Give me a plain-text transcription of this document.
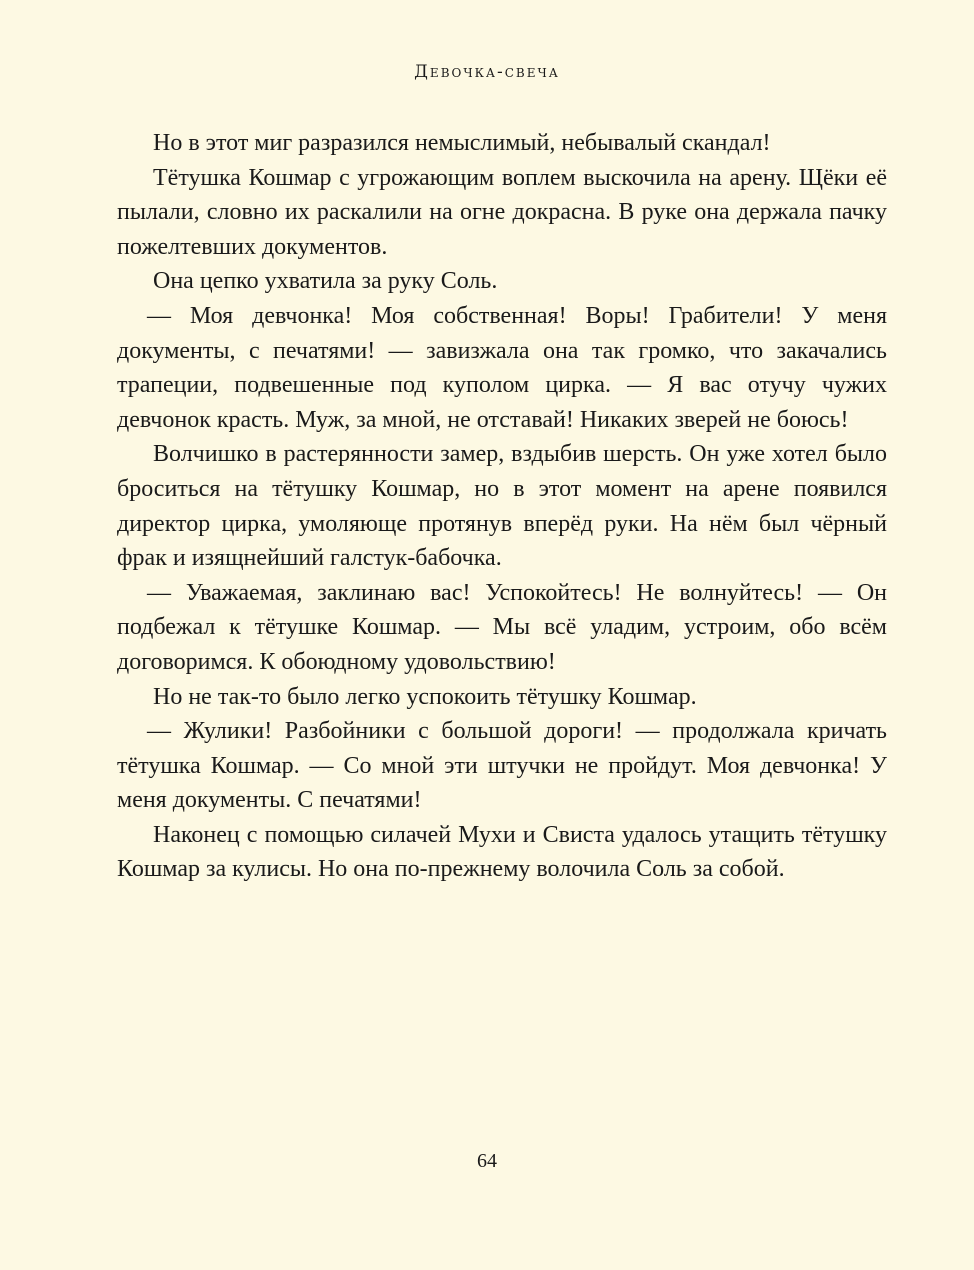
Девочка-свеча

Но в этот миг разразился немыслимый, небывалый скандал!

Тётушка Кошмар с угрожающим воплем выскочила на арену. Щёки её пылали, словно их раскалили на огне докрасна. В руке она держала пачку пожелтевших документов.

Она цепко ухватила за руку Соль.

— Моя девчонка! Моя собственная! Воры! Грабители! У меня документы, с печатями! — завизжала она так громко, что закачались трапеции, подвешенные под куполом цирка. — Я вас отучу чужих девчонок красть. Муж, за мной, не отставай! Никаких зверей не боюсь!

Волчишко в растерянности замер, вздыбив шерсть. Он уже хотел было броситься на тётушку Кошмар, но в этот момент на арене появился директор цирка, умоляюще протянув вперёд руки. На нём был чёрный фрак и изящнейший галстук-бабочка.

— Уважаемая, заклинаю вас! Успокойтесь! Не волнуйтесь! — Он подбежал к тётушке Кошмар. — Мы всё уладим, устроим, обо всём договоримся. К обоюдному удовольствию!

Но не так-то было легко успокоить тётушку Кошмар.

— Жулики! Разбойники с большой дороги! — продолжала кричать тётушка Кошмар. — Со мной эти штучки не пройдут. Моя девчонка! У меня документы. С печатями!

Наконец с помощью силачей Мухи и Свиста удалось утащить тётушку Кошмар за кулисы. Но она по-прежнему волочила Соль за собой.

64
